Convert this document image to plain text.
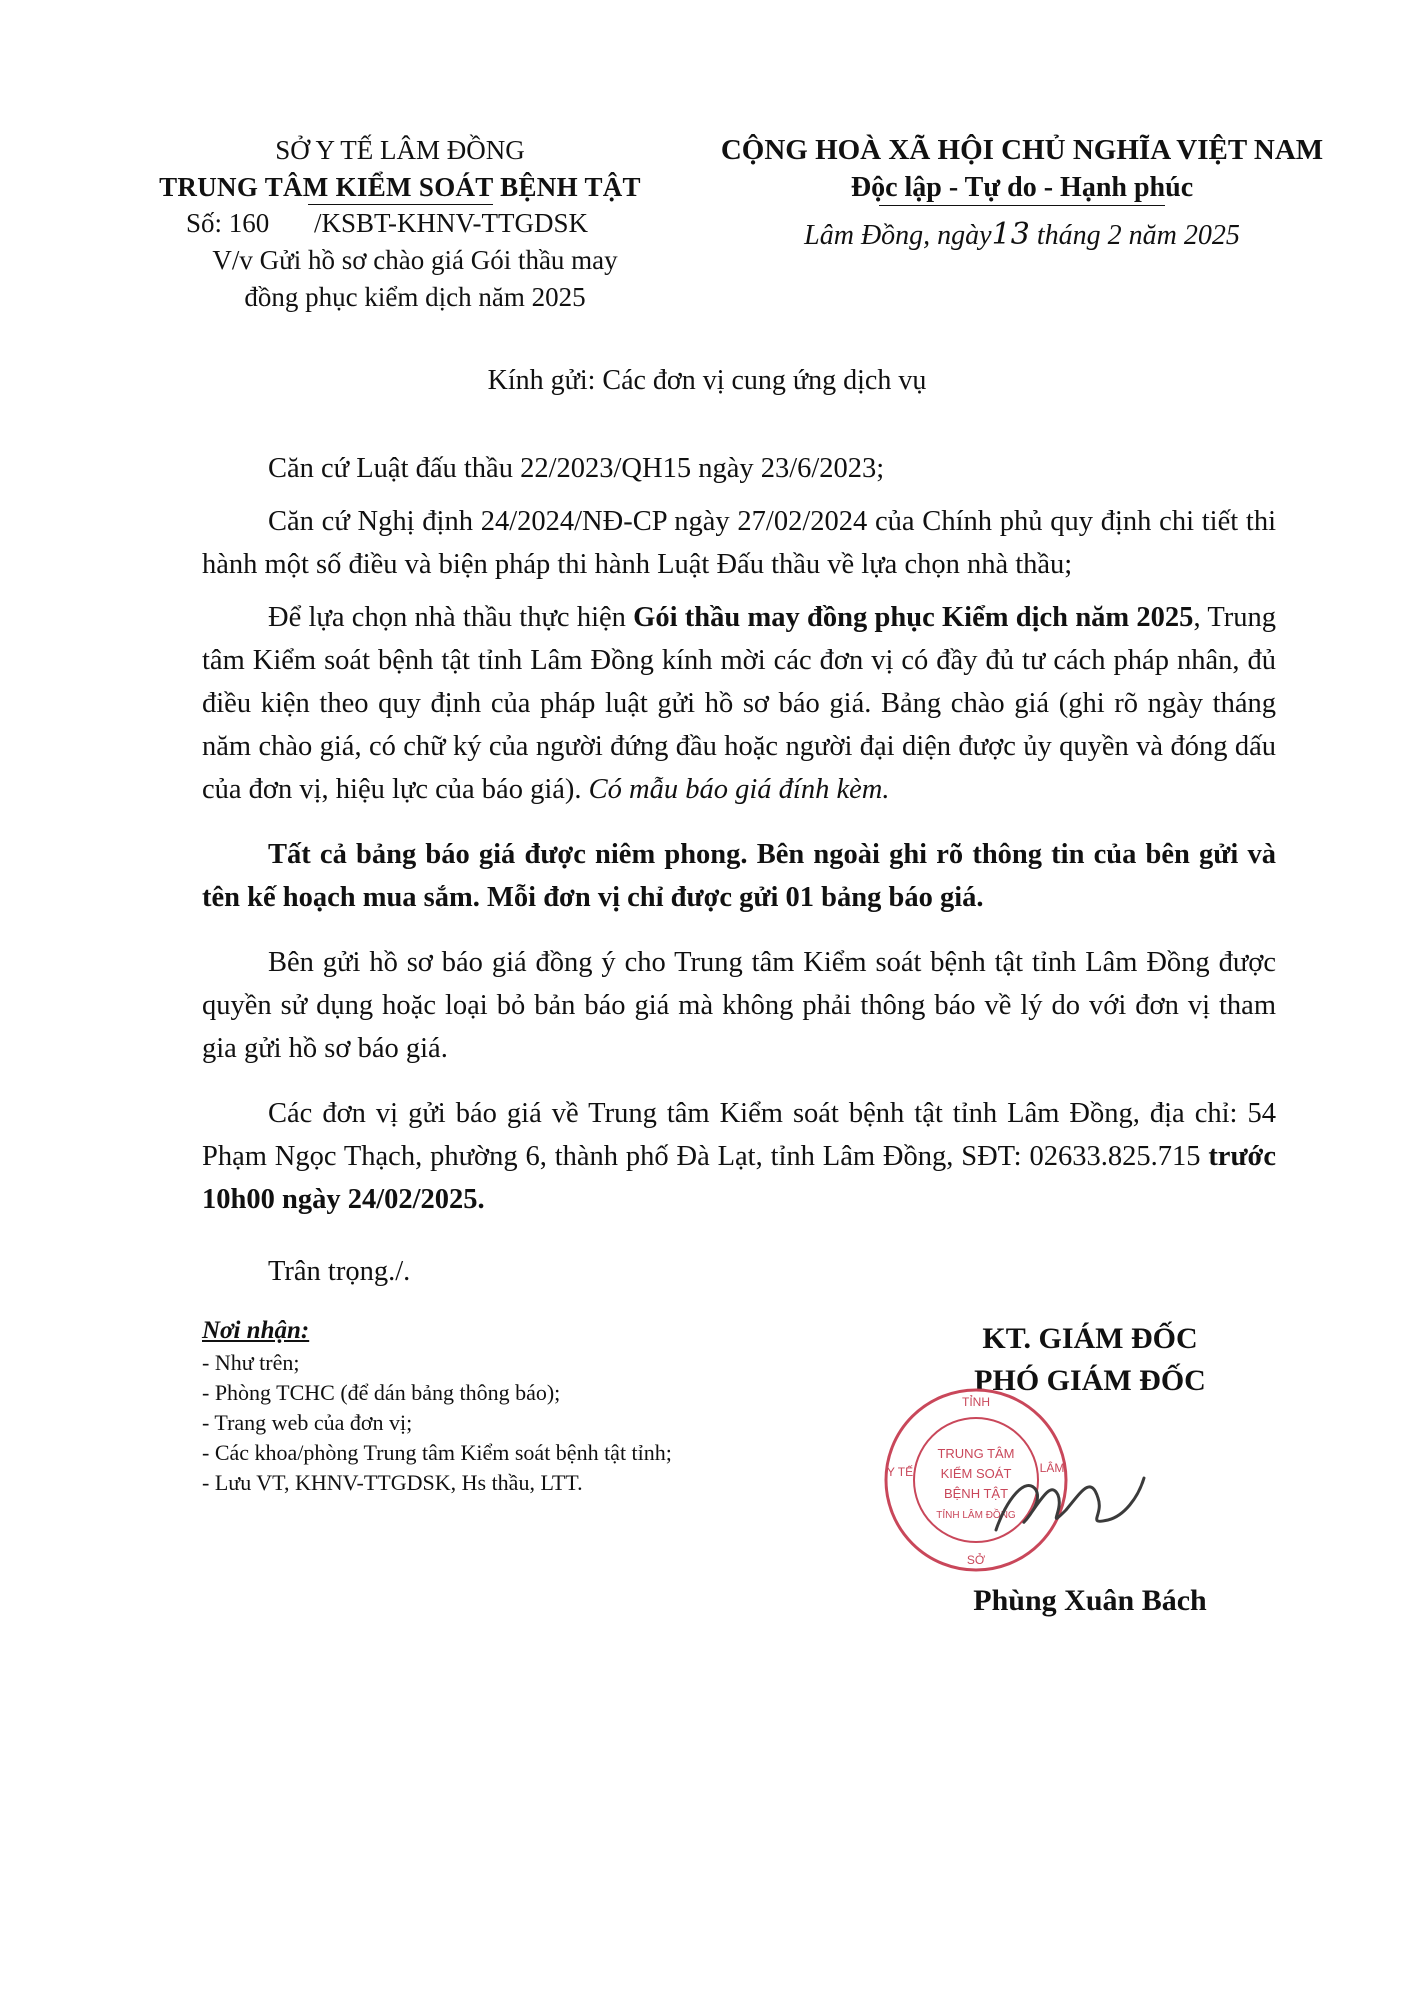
SỞ Y TẾ LÂM ĐỒNG
TRUNG TÂM KIỂM SOÁT BỆNH TẬT
Số: 160 /KSBT-KHNV-TTGDSK
V/v Gửi hồ sơ chào giá Gói thầu may
đồng phục kiểm dịch năm 2025
CỘNG HOÀ XÃ HỘI CHỦ NGHĨA VIỆT NAM
Độc lập - Tự do - Hạnh phúc
Lâm Đồng, ngày13 tháng 2 năm 2025
Kính gửi: Các đơn vị cung ứng dịch vụ

Căn cứ Luật đấu thầu 22/2023/QH15 ngày 23/6/2023;

Căn cứ Nghị định 24/2024/NĐ-CP ngày 27/02/2024 của Chính phủ quy định chi tiết thi hành một số điều và biện pháp thi hành Luật Đấu thầu về lựa chọn nhà thầu;

Để lựa chọn nhà thầu thực hiện Gói thầu may đồng phục Kiểm dịch năm 2025, Trung tâm Kiểm soát bệnh tật tỉnh Lâm Đồng kính mời các đơn vị có đầy đủ tư cách pháp nhân, đủ điều kiện theo quy định của pháp luật gửi hồ sơ báo giá. Bảng chào giá (ghi rõ ngày tháng năm chào giá, có chữ ký của người đứng đầu hoặc người đại diện được ủy quyền và đóng dấu của đơn vị, hiệu lực của báo giá). Có mẫu báo giá đính kèm.

Tất cả bảng báo giá được niêm phong. Bên ngoài ghi rõ thông tin của bên gửi và tên kế hoạch mua sắm. Mỗi đơn vị chỉ được gửi 01 bảng báo giá.

Bên gửi hồ sơ báo giá đồng ý cho Trung tâm Kiểm soát bệnh tật tỉnh Lâm Đồng được quyền sử dụng hoặc loại bỏ bản báo giá mà không phải thông báo về lý do với đơn vị tham gia gửi hồ sơ báo giá.

Các đơn vị gửi báo giá về Trung tâm Kiểm soát bệnh tật tỉnh Lâm Đồng, địa chỉ: 54 Phạm Ngọc Thạch, phường 6, thành phố Đà Lạt, tỉnh Lâm Đồng, SĐT: 02633.825.715 trước 10h00 ngày 24/02/2025.

Trân trọng./.
Nơi nhận:
- Như trên;
- Phòng TCHC (để dán bảng thông báo);
- Trang web của đơn vị;
- Các khoa/phòng Trung tâm Kiểm soát bệnh tật tỉnh;
- Lưu VT, KHNV-TTGDSK, Hs thầu, LTT.
KT. GIÁM ĐỐC
PHÓ GIÁM ĐỐC
Phùng Xuân Bách
TỈNH
Y TẾ	LÂM
SỞ
TRUNG TÂM
KIỂM SOÁT
BỆNH TẬT
TỈNH LÂM ĐỒNG
